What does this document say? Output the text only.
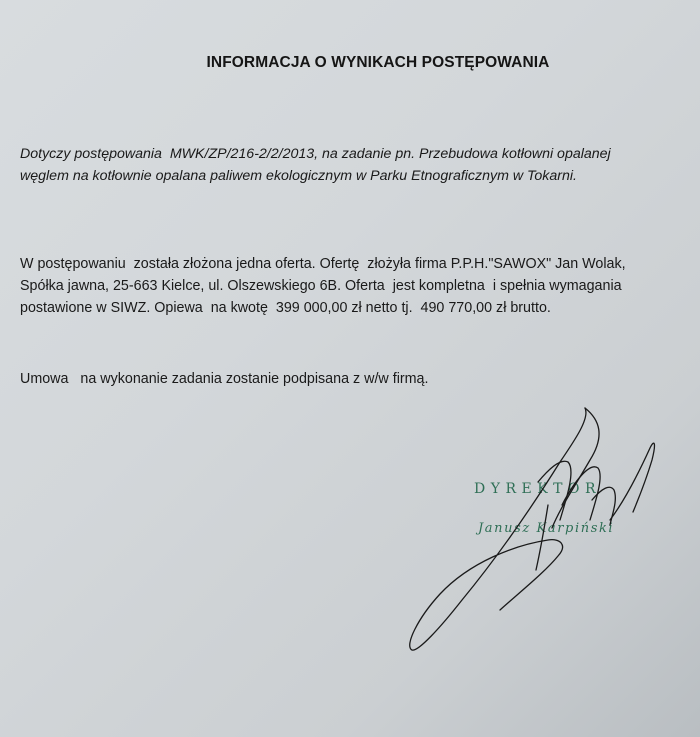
INFORMACJA O WYNIKACH POSTĘPOWANIA
Dotyczy postępowania  MWK/ZP/216-2/2/2013, na zadanie pn. Przebudowa kotłowni opalanej
węglem na kotłownie opalana paliwem ekologicznym w Parku Etnograficznym w Tokarni.
W postępowaniu  została złożona jedna oferta. Ofertę  złożyła firma P.P.H."SAWOX" Jan Wolak,
Spółka jawna, 25-663 Kielce, ul. Olszewskiego 6B. Oferta  jest kompletna  i spełnia wymagania
postawione w SIWZ. Opiewa  na kwotę  399 000,00 zł netto tj.  490 770,00 zł brutto.
Umowa   na wykonanie zadania zostanie podpisana z w/w firmą.
DYREKTOR
Janusz Karpiński
